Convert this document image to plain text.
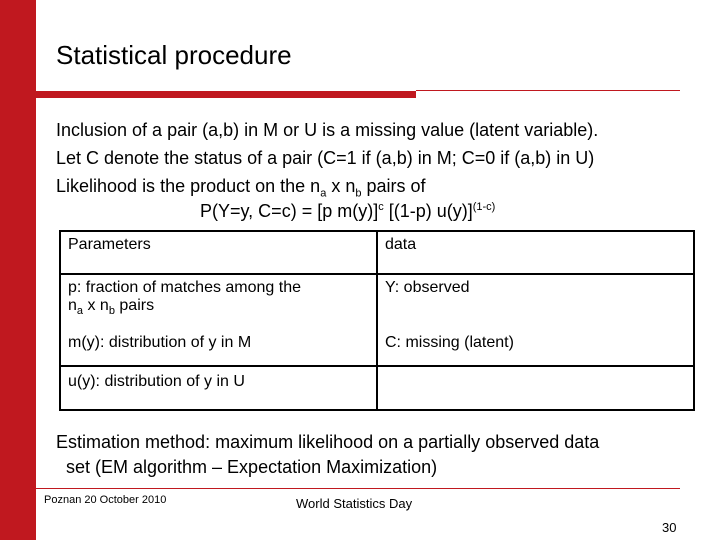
Statistical procedure
Inclusion of a pair (a,b) in M or U is a missing value (latent variable).
Let C denote the status of a pair (C=1 if (a,b) in M; C=0 if (a,b) in U)
Likelihood is the product on the $n_a$ x $n_b$ pairs of
P(Y=y, C=c) = [p m(y)]$^c$ [(1-p) u(y)]$^{(1-c)}$
Parameters	data

p: fraction of matches among the
$n_a$ x $n_b$ pairs	Y: observed
m(y): distribution of y in M	C: missing (latent)
u(y): distribution of y in U	
Estimation method: maximum likelihood on a partially observed data
set (EM algorithm – Expectation Maximization)
Poznan 20 October 2010	World Statistics Day
30
